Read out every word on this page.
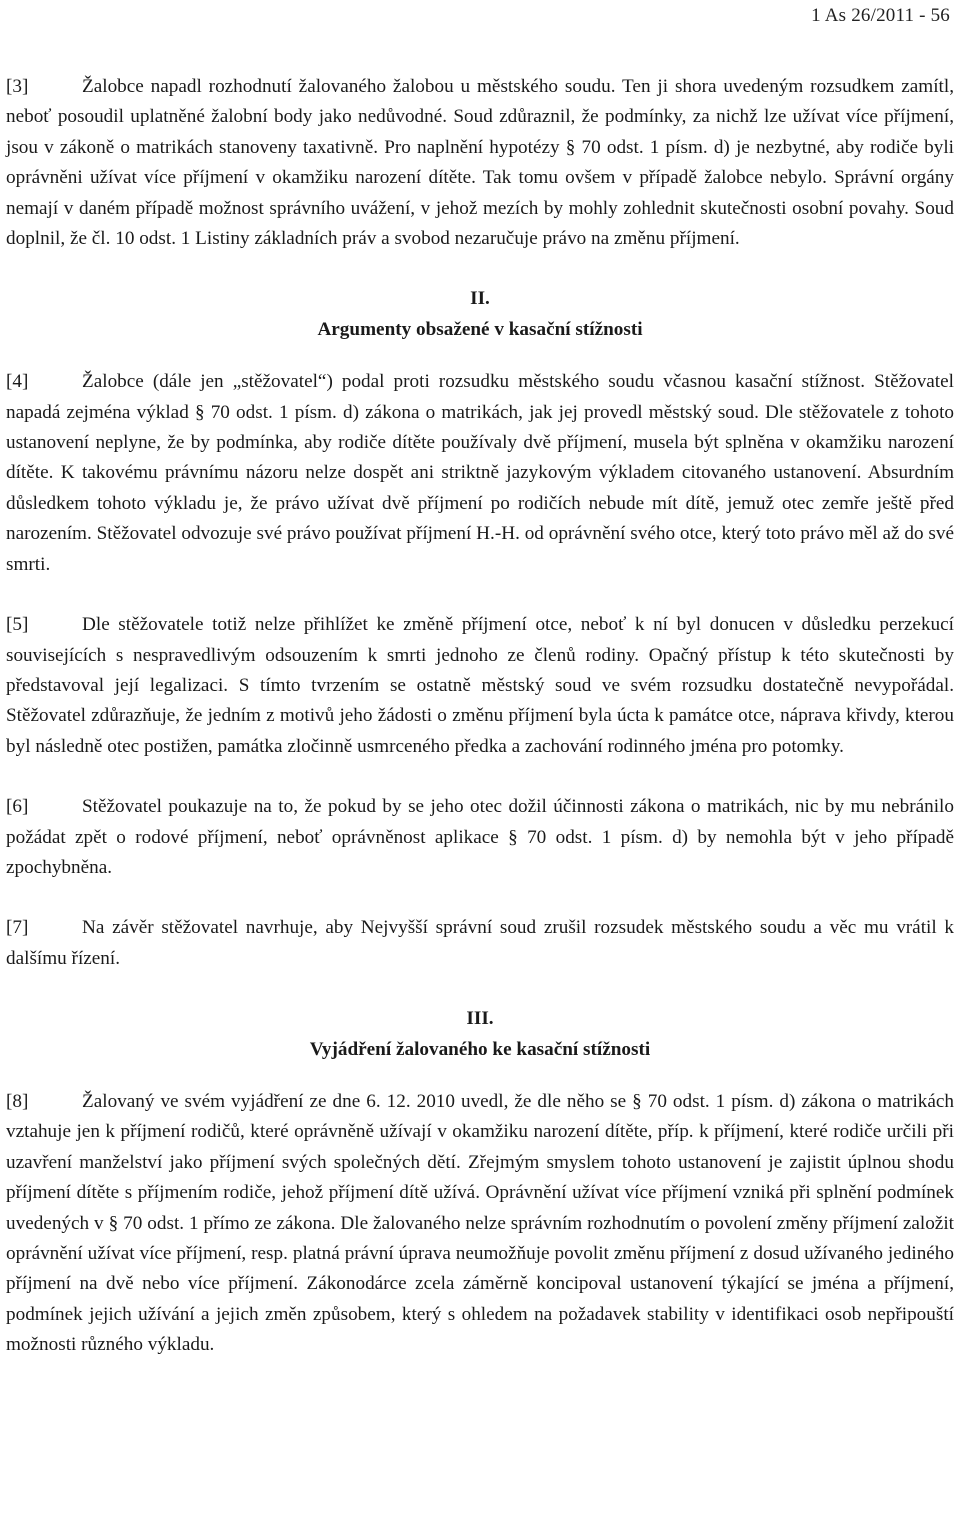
1 As 26/2011 - 56

[3]	Žalobce napadl rozhodnutí žalovaného žalobou u městského soudu. Ten ji shora uvedeným rozsudkem zamítl, neboť posoudil uplatněné žalobní body jako nedůvodné. Soud zdůraznil, že podmínky, za nichž lze užívat více příjmení, jsou v zákoně o matrikách stanoveny taxativně. Pro naplnění hypotézy § 70 odst. 1 písm. d) je nezbytné, aby rodiče byli oprávněni užívat více příjmení v okamžiku narození dítěte. Tak tomu ovšem v případě žalobce nebylo. Správní orgány nemají v daném případě možnost správního uvážení, v jehož mezích by mohly zohlednit skutečnosti osobní povahy. Soud doplnil, že čl. 10 odst. 1 Listiny základních práv a svobod nezaručuje právo na změnu příjmení.

II.

Argumenty obsažené v kasační stížnosti

[4]	Žalobce (dále jen „stěžovatel“) podal proti rozsudku městského soudu včasnou kasační stížnost. Stěžovatel napadá zejména výklad § 70 odst. 1 písm. d) zákona o matrikách, jak jej provedl městský soud. Dle stěžovatele z tohoto ustanovení neplyne, že by podmínka, aby rodiče dítěte používaly dvě příjmení, musela být splněna v okamžiku narození dítěte. K takovému právnímu názoru nelze dospět ani striktně jazykovým výkladem citovaného ustanovení. Absurdním důsledkem tohoto výkladu je, že právo užívat dvě příjmení po rodičích nebude mít dítě, jemuž otec zemře ještě před narozením. Stěžovatel odvozuje své právo používat příjmení H.-H. od oprávnění svého otce, který toto právo měl až do své smrti.

[5]	Dle stěžovatele totiž nelze přihlížet ke změně příjmení otce, neboť k ní byl donucen v důsledku perzekucí souvisejících s nespravedlivým odsouzením k smrti jednoho ze členů rodiny. Opačný přístup k této skutečnosti by představoval její legalizaci. S tímto tvrzením se ostatně městský soud ve svém rozsudku dostatečně nevypořádal. Stěžovatel zdůrazňuje, že jedním z motivů jeho žádosti o změnu příjmení byla úcta k památce otce, náprava křivdy, kterou byl následně otec postižen, památka zločinně usmrceného předka a zachování rodinného jména pro potomky.

[6]	Stěžovatel poukazuje na to, že pokud by se jeho otec dožil účinnosti zákona o matrikách, nic by mu nebránilo požádat zpět o rodové příjmení, neboť oprávněnost aplikace § 70 odst. 1 písm. d) by nemohla být v jeho případě zpochybněna.

[7]	Na závěr stěžovatel navrhuje, aby Nejvyšší správní soud zrušil rozsudek městského soudu a věc mu vrátil k dalšímu řízení.

III.

Vyjádření žalovaného ke kasační stížnosti

[8]	Žalovaný ve svém vyjádření ze dne 6. 12. 2010 uvedl, že dle něho se § 70 odst. 1 písm. d) zákona o matrikách vztahuje jen k příjmení rodičů, které oprávněně užívají v okamžiku narození dítěte, příp. k příjmení, které rodiče určili při uzavření manželství jako příjmení svých společných dětí. Zřejmým smyslem tohoto ustanovení je zajistit úplnou shodu příjmení dítěte s příjmením rodiče, jehož příjmení dítě užívá. Oprávnění užívat více příjmení vzniká při splnění podmínek uvedených v § 70 odst. 1 přímo ze zákona. Dle žalovaného nelze správním rozhodnutím o povolení změny příjmení založit oprávnění užívat více příjmení, resp. platná právní úprava neumožňuje povolit změnu příjmení z dosud užívaného jediného příjmení na dvě nebo více příjmení. Zákonodárce zcela záměrně koncipoval ustanovení týkající se jména a příjmení, podmínek jejich užívání a jejich změn způsobem, který s ohledem na požadavek stability v identifikaci osob nepřipouští možnosti různého výkladu.
